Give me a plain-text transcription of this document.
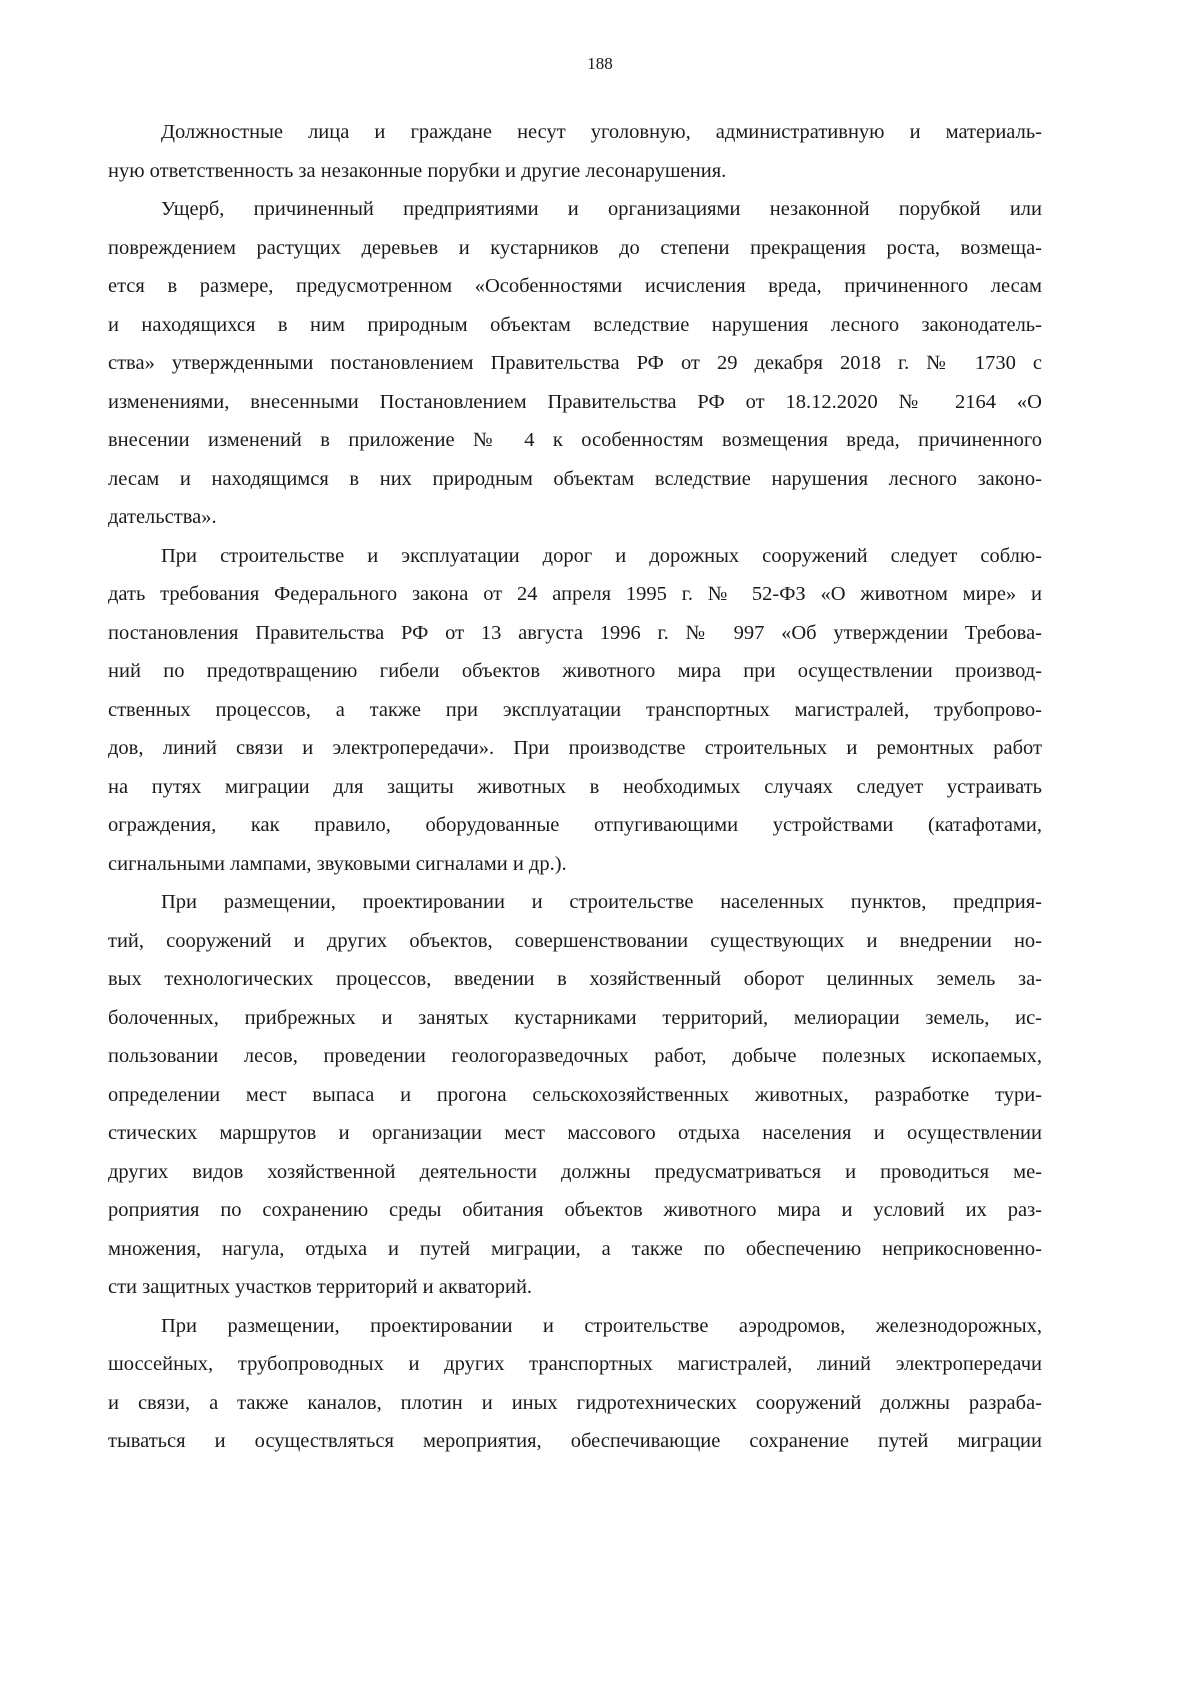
188
Должностные лица и граждане несут уголовную, административную и материаль-
ную ответственность за незаконные порубки и другие лесонарушения.
Ущерб, причиненный предприятиями и организациями незаконной порубкой или
повреждением растущих деревьев и кустарников до степени прекращения роста, возмеща-
ется в размере, предусмотренном «Особенностями исчисления вреда, причиненного лесам
и находящихся в ним природным объектам вследствие нарушения лесного законодатель-
ства» утвержденными постановлением Правительства РФ от 29 декабря 2018 г. № 1730 с
изменениями, внесенными Постановлением Правительства РФ от 18.12.2020 № 2164 «О
внесении изменений в приложение № 4 к особенностям возмещения вреда, причиненного
лесам и находящимся в них природным объектам вследствие нарушения лесного законо-
дательства».
При строительстве и эксплуатации дорог и дорожных сооружений следует соблю-
дать требования Федерального закона от 24 апреля 1995 г. № 52-ФЗ «О животном мире» и
постановления Правительства РФ от 13 августа 1996 г. № 997 «Об утверждении Требова-
ний по предотвращению гибели объектов животного мира при осуществлении производ-
ственных процессов, а также при эксплуатации транспортных магистралей, трубопрово-
дов, линий связи и электропередачи». При производстве строительных и ремонтных работ
на путях миграции для защиты животных в необходимых случаях следует устраивать
ограждения, как правило, оборудованные отпугивающими устройствами (катафотами,
сигнальными лампами, звуковыми сигналами и др.).
При размещении, проектировании и строительстве населенных пунктов, предприя-
тий, сооружений и других объектов, совершенствовании существующих и внедрении но-
вых технологических процессов, введении в хозяйственный оборот целинных земель за-
болоченных, прибрежных и занятых кустарниками территорий, мелиорации земель, ис-
пользовании лесов, проведении геологоразведочных работ, добыче полезных ископаемых,
определении мест выпаса и прогона сельскохозяйственных животных, разработке тури-
стических маршрутов и организации мест массового отдыха населения и осуществлении
других видов хозяйственной деятельности должны предусматриваться и проводиться ме-
роприятия по сохранению среды обитания объектов животного мира и условий их раз-
множения, нагула, отдыха и путей миграции, а также по обеспечению неприкосновенно-
сти защитных участков территорий и акваторий.
При размещении, проектировании и строительстве аэродромов, железнодорожных,
шоссейных, трубопроводных и других транспортных магистралей, линий электропередачи
и связи, а также каналов, плотин и иных гидротехнических сооружений должны разраба-
тываться и осуществляться мероприятия, обеспечивающие сохранение путей миграции
